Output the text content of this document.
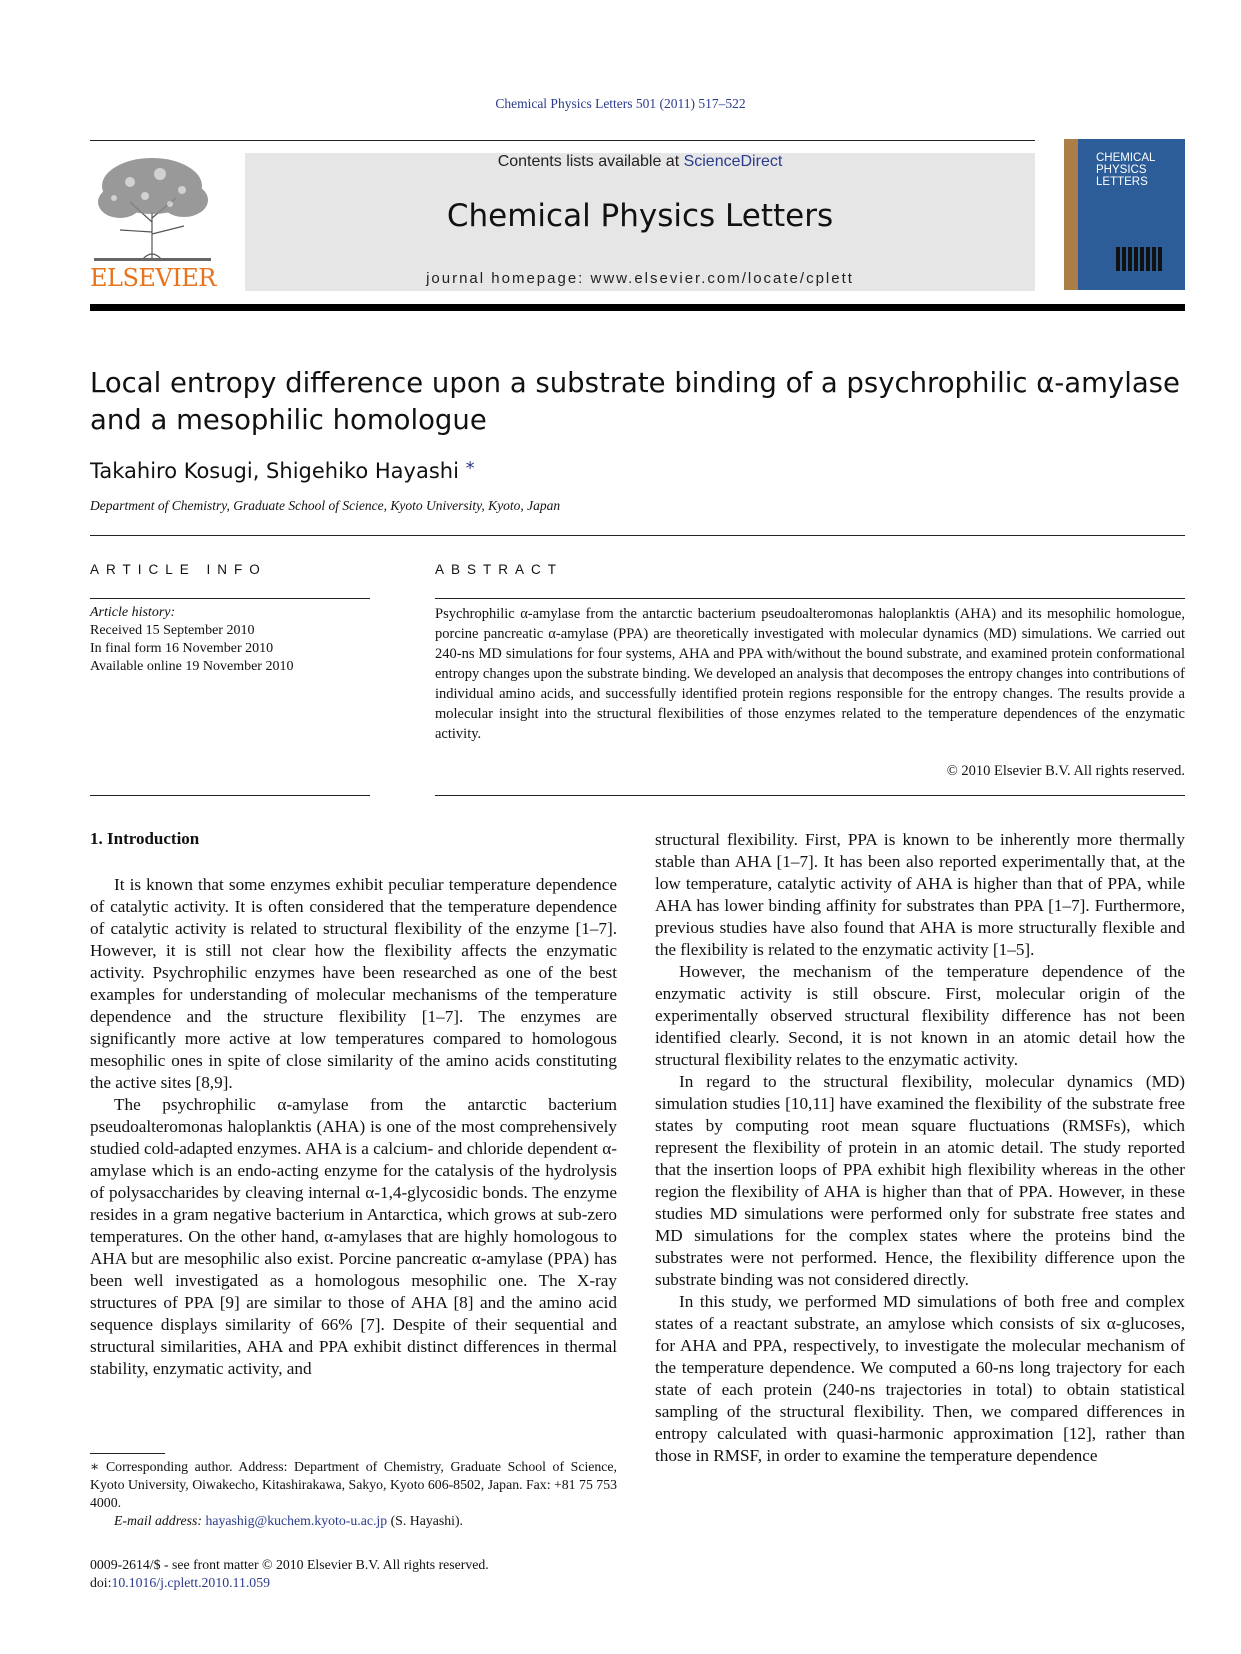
Chemical Physics Letters 501 (2011) 517–522
ELSEVIER
Contents lists available at ScienceDirect
Chemical Physics Letters
journal homepage: www.elsevier.com/locate/cplett
CHEMICAL
PHYSICS
LETTERS
Local entropy difference upon a substrate binding of a psychrophilic α-amylase and a mesophilic homologue
Takahiro Kosugi, Shigehiko Hayashi *
Department of Chemistry, Graduate School of Science, Kyoto University, Kyoto, Japan
ARTICLE INFO	ABSTRACT
Article history:
Received 15 September 2010
In final form 16 November 2010
Available online 19 November 2010
Psychrophilic α-amylase from the antarctic bacterium pseudoalteromonas haloplanktis (AHA) and its mesophilic homologue, porcine pancreatic α-amylase (PPA) are theoretically investigated with molecular dynamics (MD) simulations. We carried out 240-ns MD simulations for four systems, AHA and PPA with/without the bound substrate, and examined protein conformational entropy changes upon the substrate binding. We developed an analysis that decomposes the entropy changes into contributions of individual amino acids, and successfully identified protein regions responsible for the entropy changes. The results provide a molecular insight into the structural flexibilities of those enzymes related to the temperature dependences of the enzymatic activity.
© 2010 Elsevier B.V. All rights reserved.
1. Introduction

It is known that some enzymes exhibit peculiar temperature dependence of catalytic activity. It is often considered that the temperature dependence of catalytic activity is related to structural flexibility of the enzyme [1–7]. However, it is still not clear how the flexibility affects the enzymatic activity. Psychrophilic enzymes have been researched as one of the best examples for understanding of molecular mechanisms of the temperature dependence and the structure flexibility [1–7]. The enzymes are significantly more active at low temperatures compared to homologous mesophilic ones in spite of close similarity of the amino acids constituting the active sites [8,9].

The psychrophilic α-amylase from the antarctic bacterium pseudoalteromonas haloplanktis (AHA) is one of the most comprehensively studied cold-adapted enzymes. AHA is a calcium- and chloride dependent α-amylase which is an endo-acting enzyme for the catalysis of the hydrolysis of polysaccharides by cleaving internal α-1,4-glycosidic bonds. The enzyme resides in a gram negative bacterium in Antarctica, which grows at sub-zero temperatures. On the other hand, α-amylases that are highly homologous to AHA but are mesophilic also exist. Porcine pancreatic α-amylase (PPA) has been well investigated as a homologous mesophilic one. The X-ray structures of PPA [9] are similar to those of AHA [8] and the amino acid sequence displays similarity of 66% [7]. Despite of their sequential and structural similarities, AHA and PPA exhibit distinct differences in thermal stability, enzymatic activity, and

structural flexibility. First, PPA is known to be inherently more thermally stable than AHA [1–7]. It has been also reported experimentally that, at the low temperature, catalytic activity of AHA is higher than that of PPA, while AHA has lower binding affinity for substrates than PPA [1–7]. Furthermore, previous studies have also found that AHA is more structurally flexible and the flexibility is related to the enzymatic activity [1–5].

However, the mechanism of the temperature dependence of the enzymatic activity is still obscure. First, molecular origin of the experimentally observed structural flexibility difference has not been identified clearly. Second, it is not known in an atomic detail how the structural flexibility relates to the enzymatic activity.

In regard to the structural flexibility, molecular dynamics (MD) simulation studies [10,11] have examined the flexibility of the substrate free states by computing root mean square fluctuations (RMSFs), which represent the flexibility of protein in an atomic detail. The study reported that the insertion loops of PPA exhibit high flexibility whereas in the other region the flexibility of AHA is higher than that of PPA. However, in these studies MD simulations were performed only for substrate free states and MD simulations for the complex states where the proteins bind the substrates were not performed. Hence, the flexibility difference upon the substrate binding was not considered directly.

In this study, we performed MD simulations of both free and complex states of a reactant substrate, an amylose which consists of six α-glucoses, for AHA and PPA, respectively, to investigate the molecular mechanism of the temperature dependence. We computed a 60-ns long trajectory for each state of each protein (240-ns trajectories in total) to obtain statistical sampling of the structural flexibility. Then, we compared differences in entropy calculated with quasi-harmonic approximation [12], rather than those in RMSF, in order to examine the temperature dependence

∗ Corresponding author. Address: Department of Chemistry, Graduate School of Science, Kyoto University, Oiwakecho, Kitashirakawa, Sakyo, Kyoto 606-8502, Japan. Fax: +81 75 753 4000.
E-mail address: hayashig@kuchem.kyoto-u.ac.jp (S. Hayashi).
0009-2614/$ - see front matter © 2010 Elsevier B.V. All rights reserved.
doi:10.1016/j.cplett.2010.11.059
